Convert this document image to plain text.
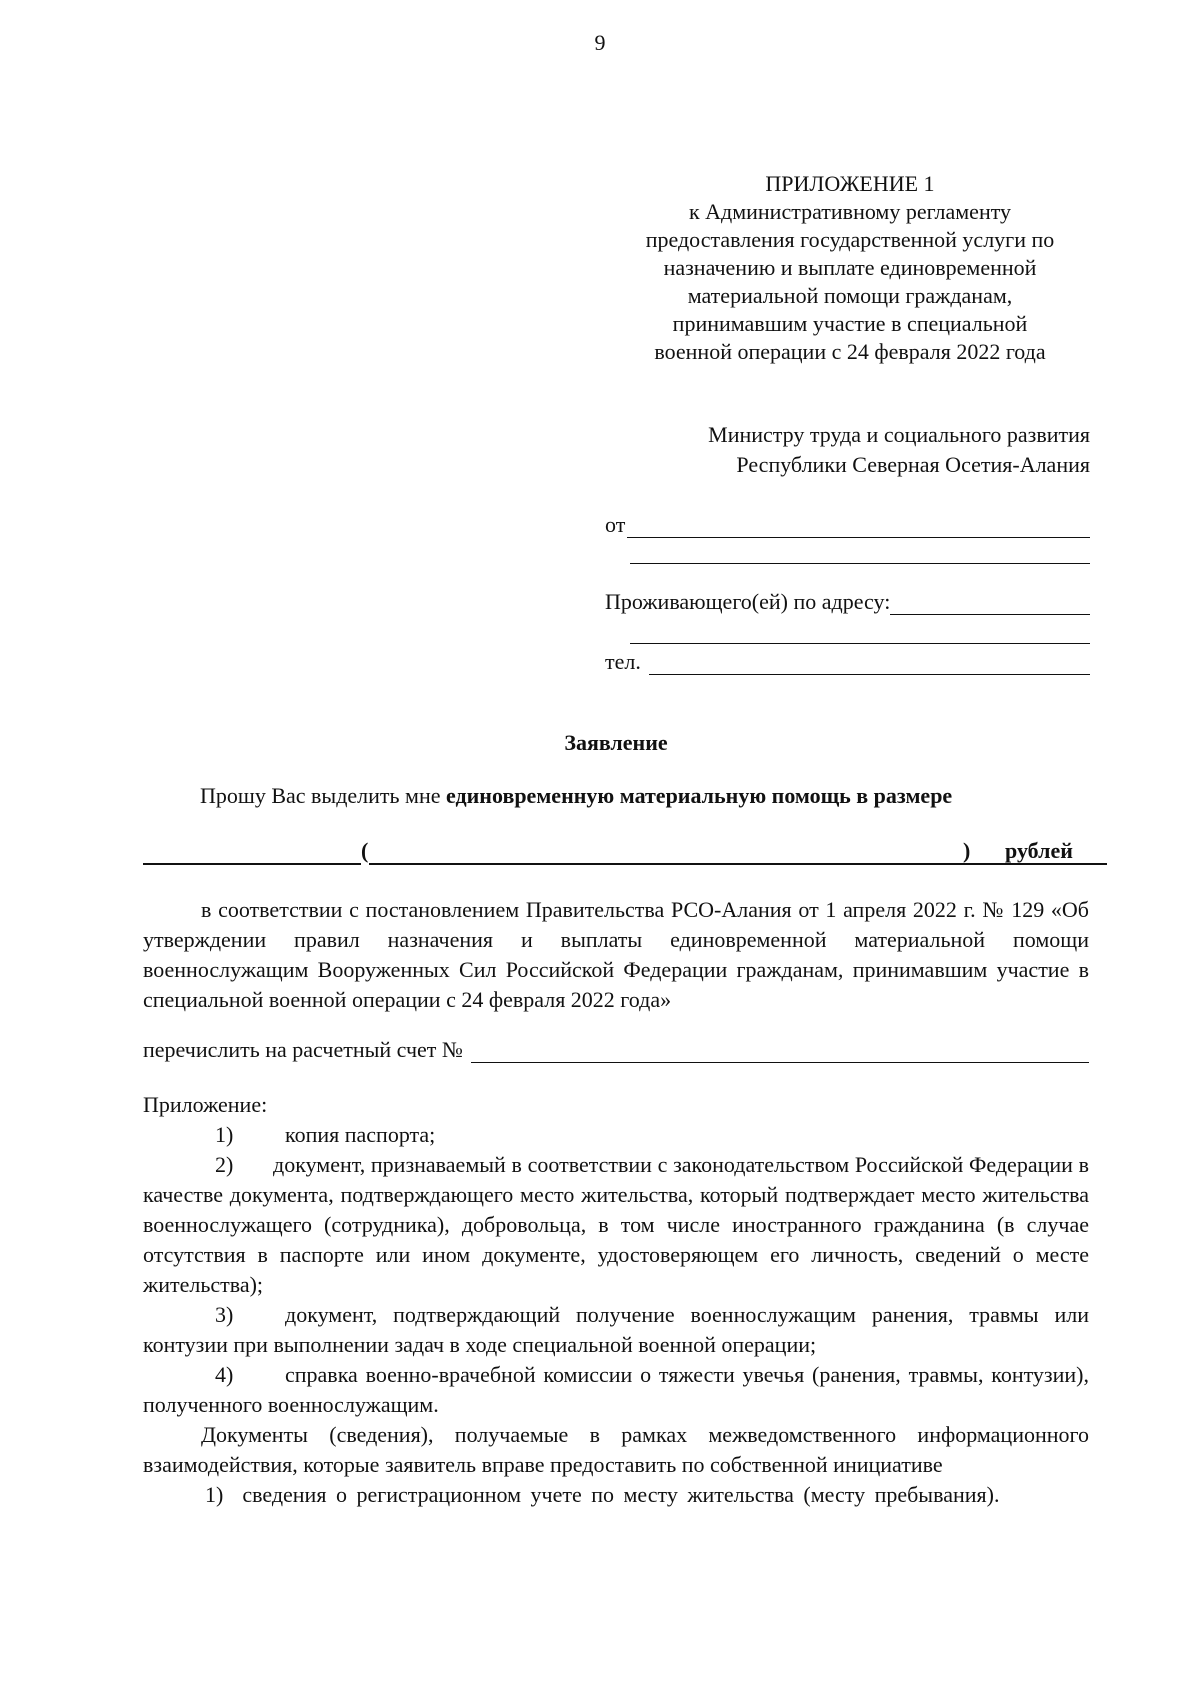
9
ПРИЛОЖЕНИЕ 1
к Административному регламенту
предоставления государственной услуги по
назначению и выплате единовременной
материальной помощи гражданам,
принимавшим участие в специальной
военной операции с 24 февраля 2022 года
Министру труда и социального развития
Республики Северная Осетия-Алания
от
Проживающего(ей) по адресу:
тел.
Заявление
Прошу Вас выделить мне единовременную материальную помощь в размере
(	) рублей
в соответствии с постановлением Правительства РСО-Алания от 1 апреля 2022 г. № 129 «Об утверждении правил назначения и выплаты единовременной материальной помощи военнослужащим Вооруженных Сил Российской Федерации гражданам, принимавшим участие в специальной военной операции с 24 февраля 2022 года»
перечислить на расчетный счет №
Приложение:
1) копия паспорта;
2) документ, признаваемый в соответствии с законодательством Российской Федерации в качестве документа, подтверждающего место жительства, который подтверждает место жительства военнослужащего (сотрудника), добровольца, в том числе иностранного гражданина (в случае отсутствия в паспорте или ином документе, удостоверяющем его личность, сведений о месте жительства);
3) документ, подтверждающий получение военнослужащим ранения, травмы или контузии при выполнении задач в ходе специальной военной операции;
4) справка военно-врачебной комиссии о тяжести увечья (ранения, травмы, контузии), полученного военнослужащим.
Документы (сведения), получаемые в рамках межведомственного информационного взаимодействия, которые заявитель вправе предоставить по собственной инициативе
1) сведения о регистрационном учете по месту жительства (месту пребывания).
